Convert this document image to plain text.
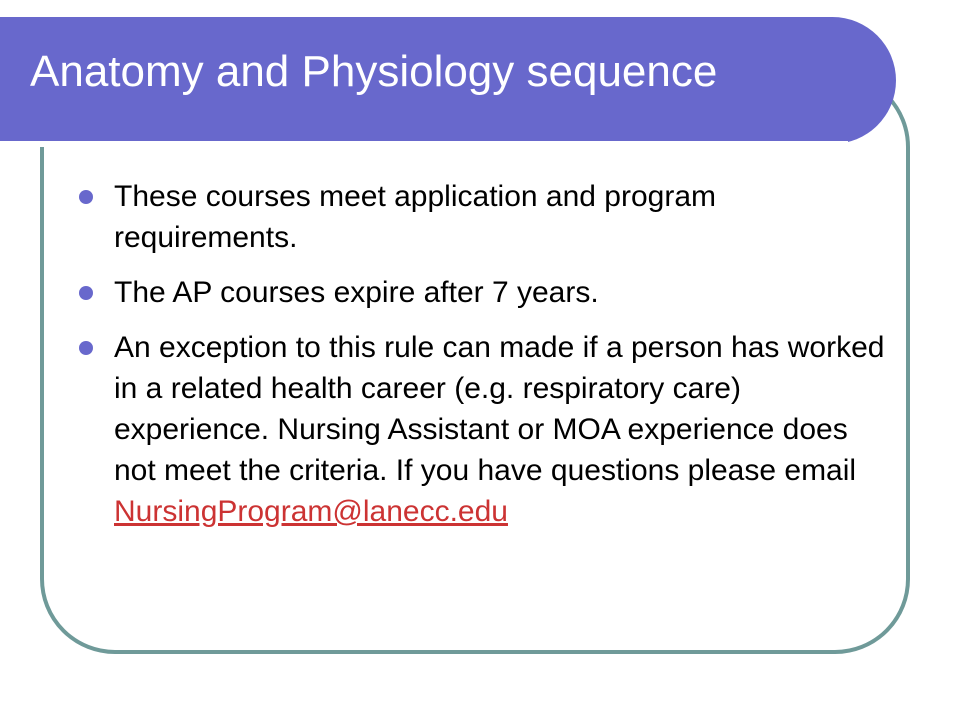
Anatomy and Physiology sequence
These courses meet application and program requirements.
The AP courses expire after 7 years.
An exception to this rule can made if a person has worked in a related health career (e.g. respiratory care) experience. Nursing Assistant or MOA experience does not meet the criteria. If you have questions please email NursingProgram@lanecc.edu
